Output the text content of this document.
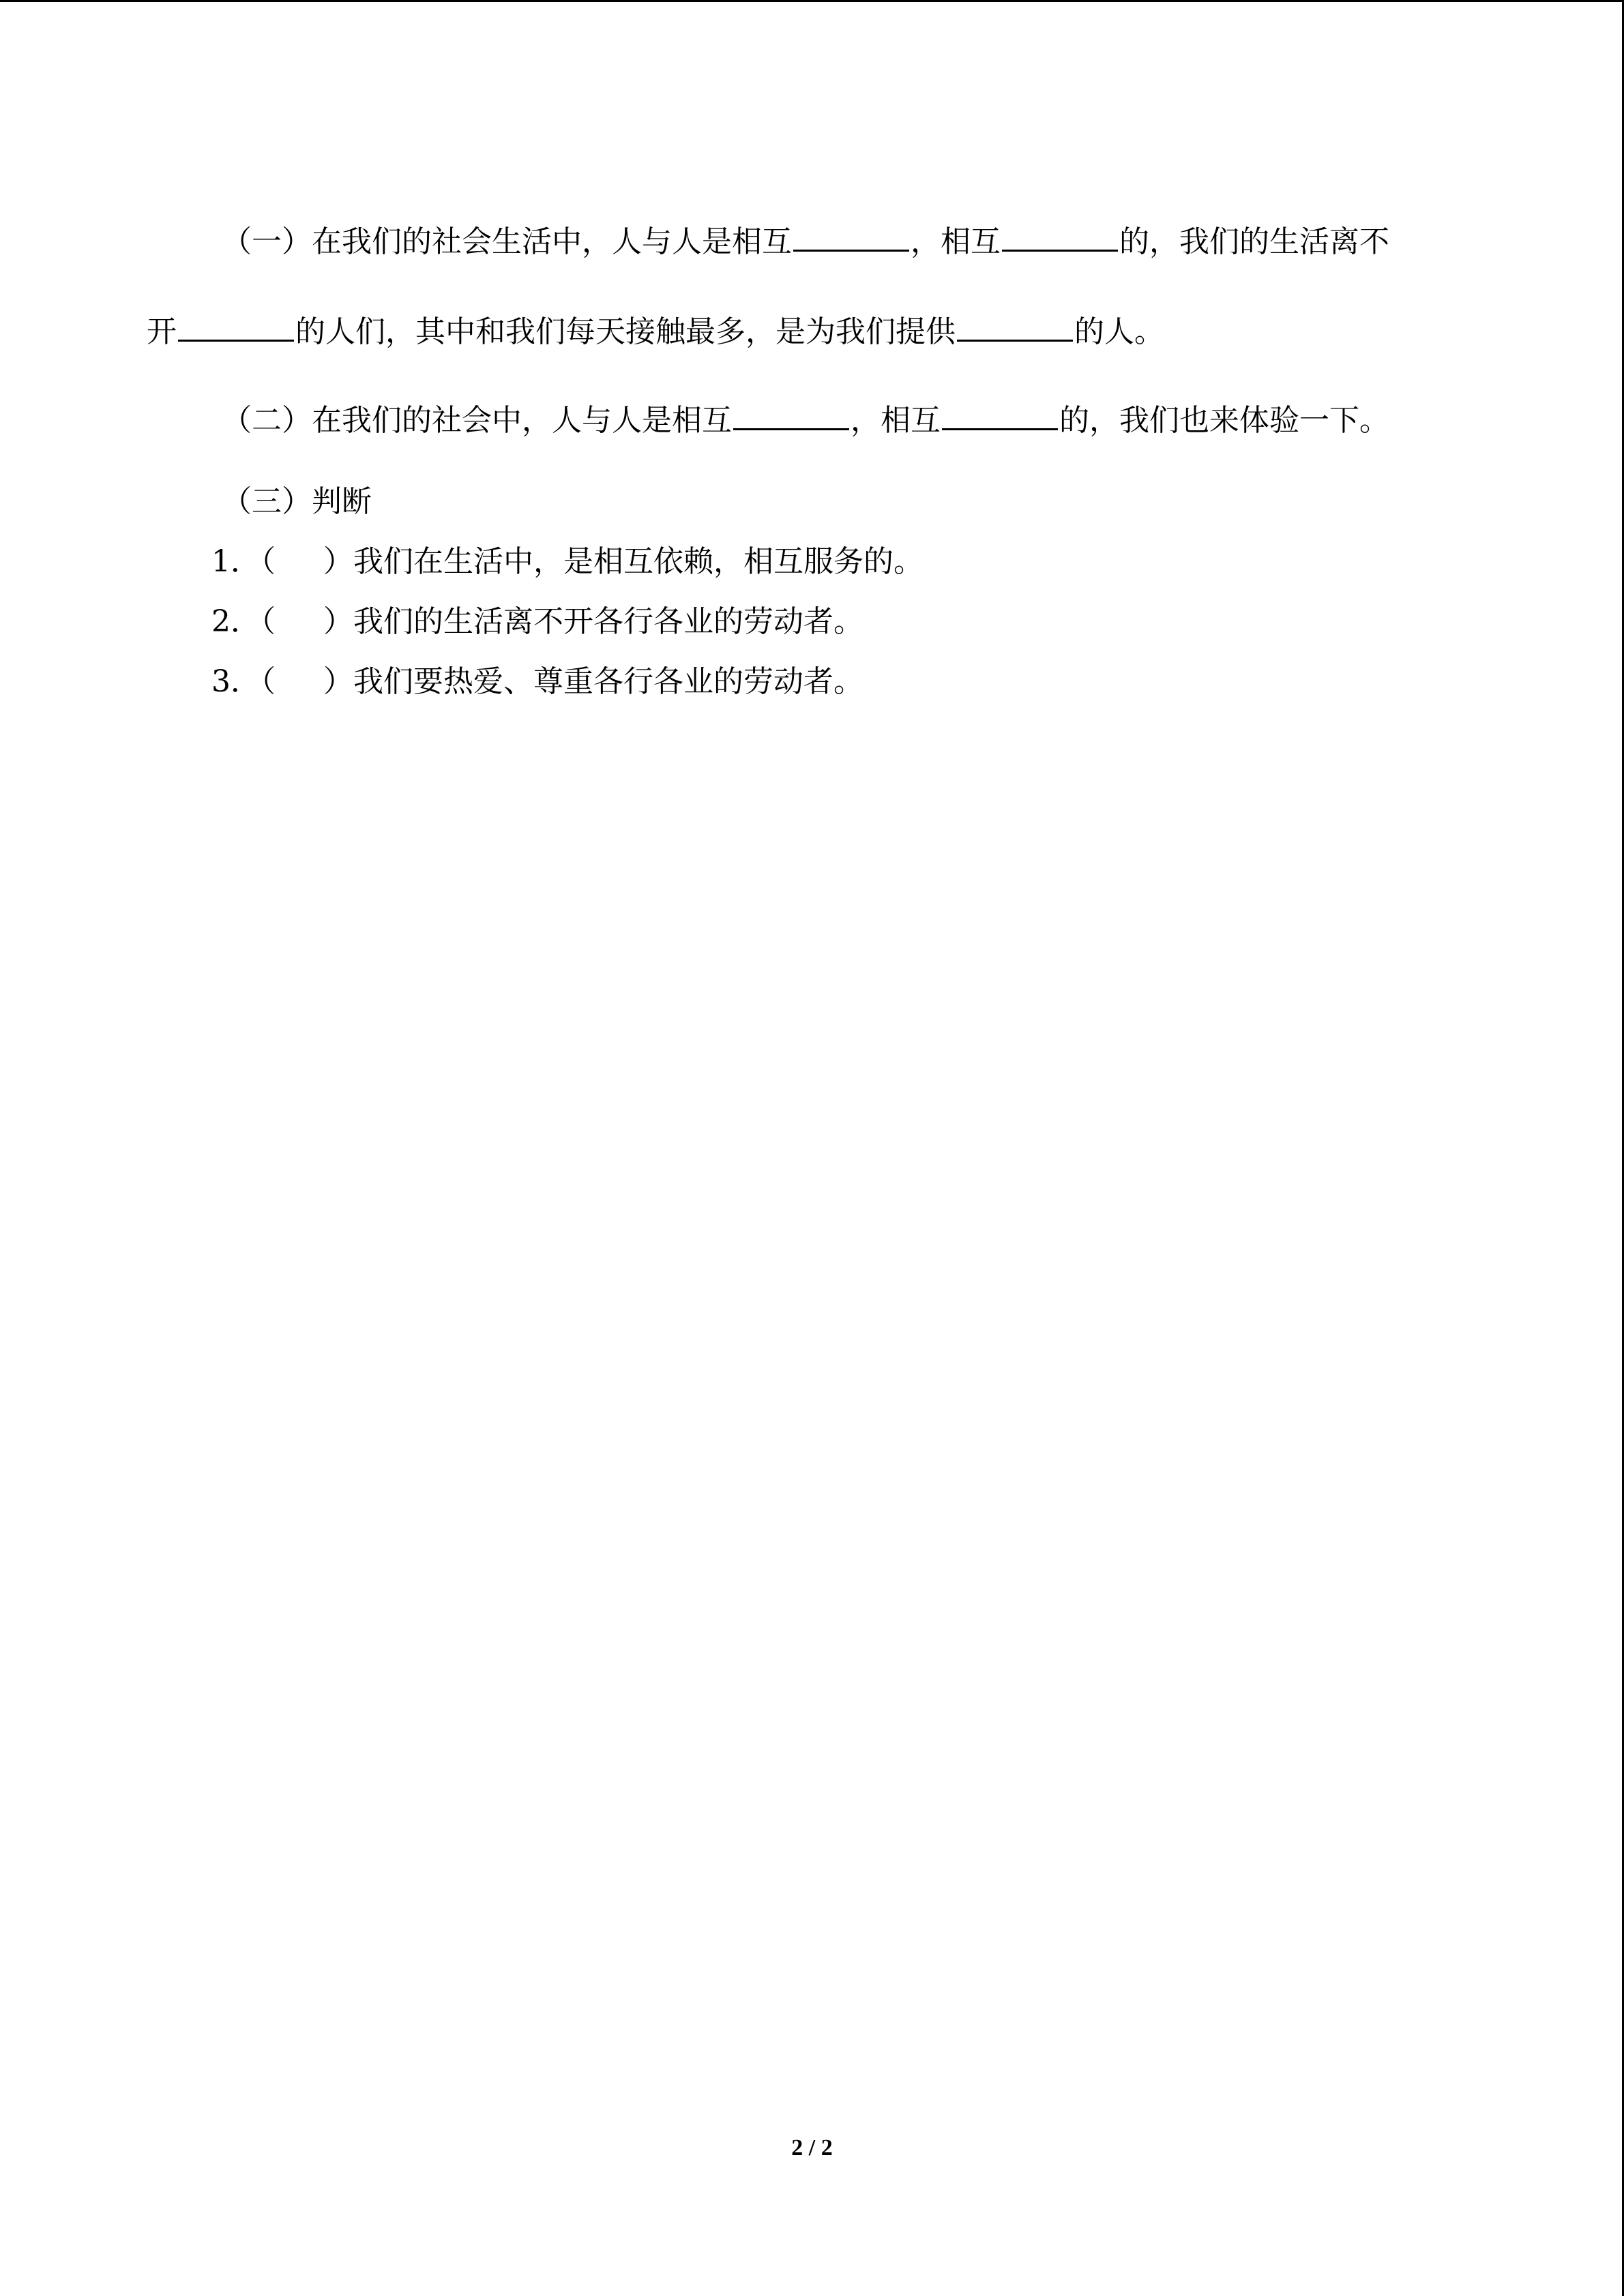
（一）在我们的社会生活中，人与人是相互	，相互	的，我们的生活离不
开	的人们，其中和我们每天接触最多，是为我们提供	的人。
（二）在我们的社会中，人与人是相互	，相互	的，我们也来体验一下。
（三）判断
1．（ ）我们在生活中，是相互依赖，相互服务的。
2．（ ）我们的生活离不开各行各业的劳动者。
3．（ ）我们要热爱、尊重各行各业的劳动者。
2 / 2
